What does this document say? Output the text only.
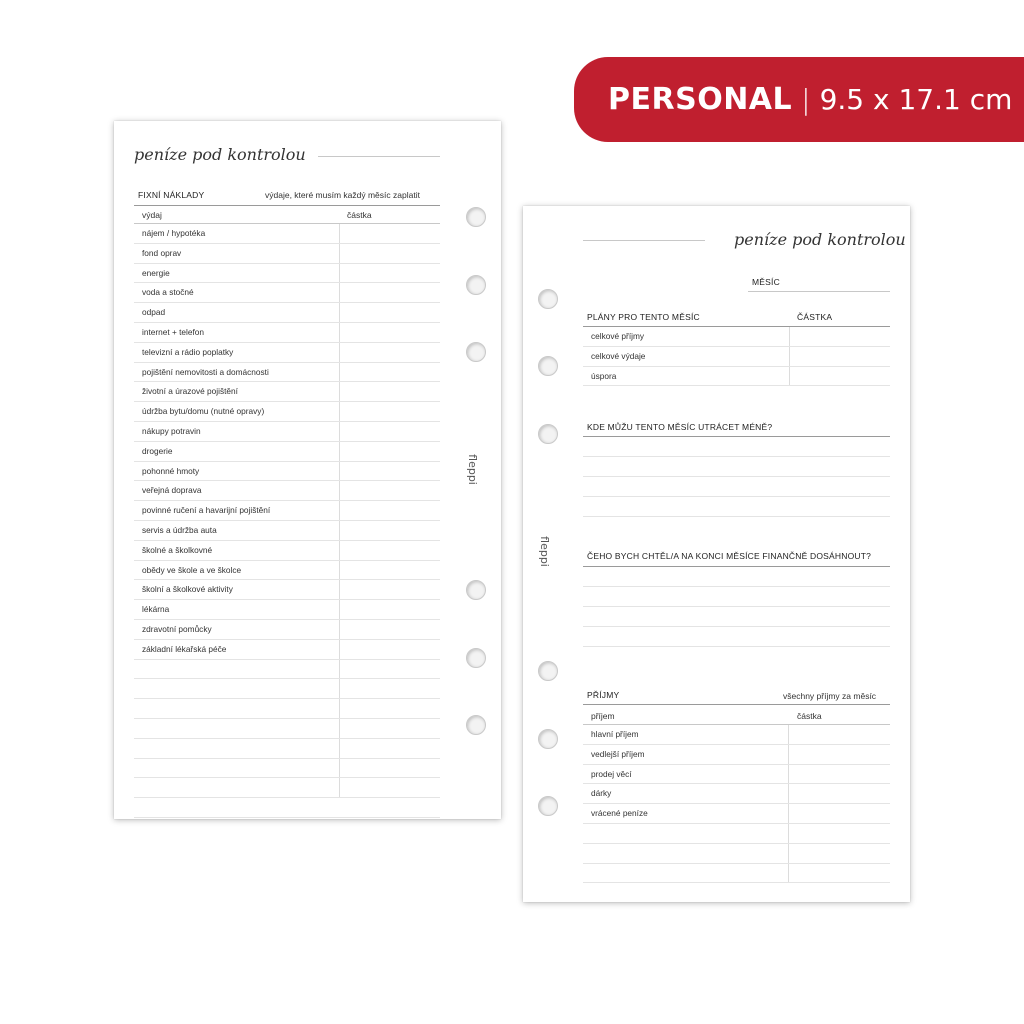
PERSONAL | 9.5 x 17.1 cm
peníze pod kontrolou
FIXNÍ NÁKLADY	výdaje, které musím každý měsíc zaplatit
výdaj	částka
nájem / hypotéka
fond oprav
energie
voda a stočné
odpad
internet + telefon
televizní a rádio poplatky
pojištění nemovitosti a domácnosti
životní a úrazové pojištění
údržba bytu/domu (nutné opravy)
nákupy potravin
drogerie
pohonné hmoty
veřejná doprava
povinné ručení a havarijní pojištění
servis a údržba auta
školné a školkovné
obědy ve škole a ve školce
školní a školkové aktivity
lékárna
zdravotní pomůcky
základní lékařská péče
fleppi
peníze pod kontrolou
MĚSÍC
PLÁNY PRO TENTO MĚSÍC	ČÁSTKA
celkové příjmy
celkové výdaje
úspora
KDE MŮŽU TENTO MĚSÍC UTRÁCET MÉNĚ?
ČEHO BYCH CHTĚL/A NA KONCI MĚSÍCE FINANČNĚ DOSÁHNOUT?
PŘÍJMY	všechny příjmy za měsíc
příjem	částka
hlavní příjem
vedlejší příjem
prodej věcí
dárky
vrácené peníze
fleppi
